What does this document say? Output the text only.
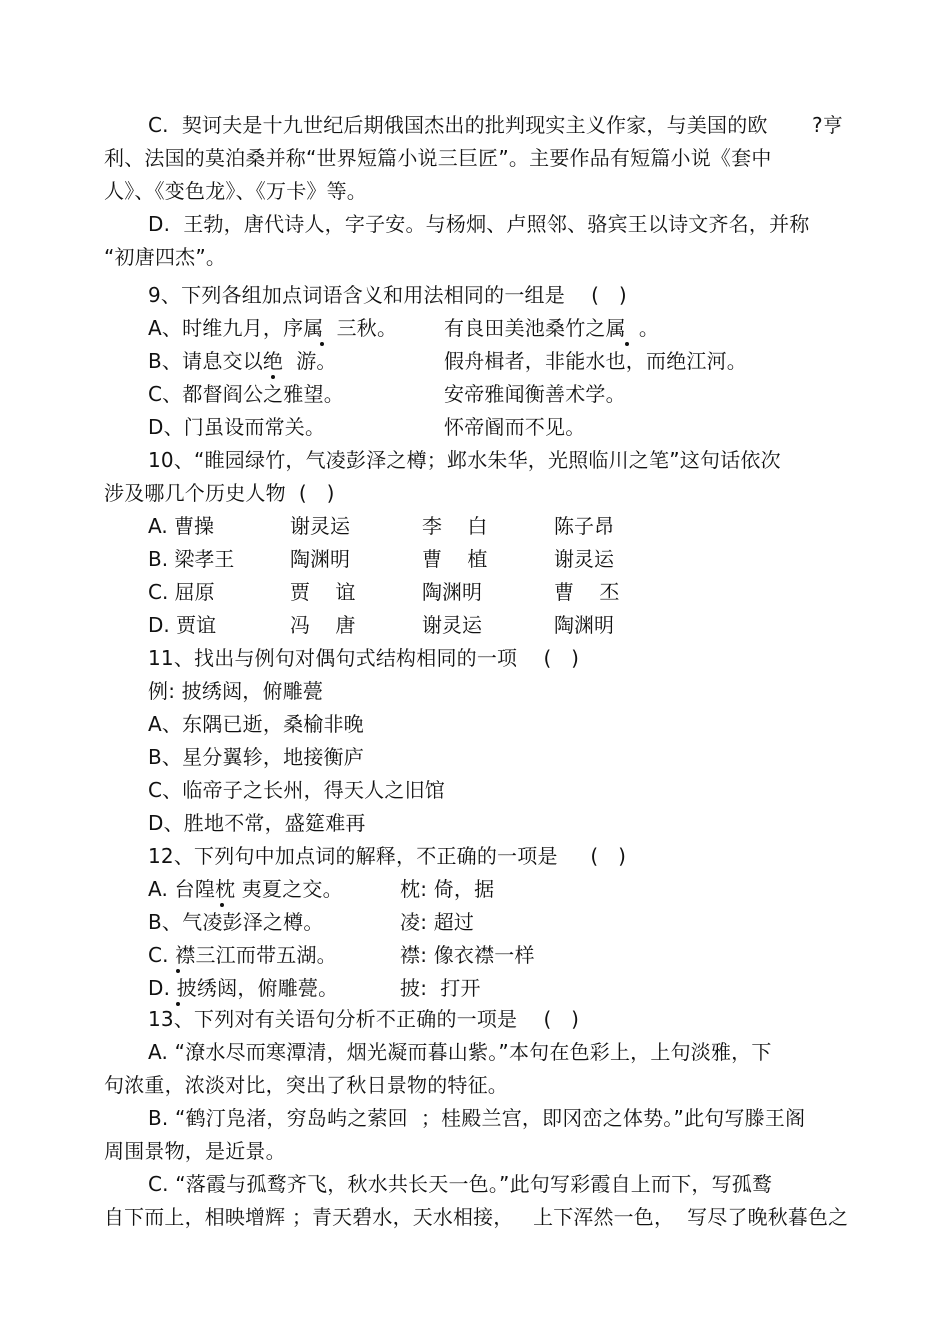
C.  契诃夫是十九世纪后期俄国杰出的批判现实主义作家，与美国的欧 ?亨
利、法国的莫泊桑并称“世界短篇小说三巨匠”。主要作品有短篇小说《套中
人》、《变色龙》、《万卡》等。
D.  王勃，唐代诗人，字子安。与杨炯、卢照邻、骆宾王以诗文齐名，并称
“初唐四杰”。
9、下列各组加点词语含义和用法相同的一组是    (   )
A、时维九月，序属  三秋。 有良田美池桑竹之属  。
B、请息交以绝  游。	假舟楫者，非能水也，而绝江河。
C、都督阎公之雅望。	安帝雅闻衡善术学。
D、门虽设而常关。	怀帝阍而不见。
10、“睢园绿竹，气凌彭泽之樽；邺水朱华，光照临川之笔”这句话依次
涉及哪几个历史人物  (   )
A. 曹操	谢灵运	李    白	陈子昂
B. 梁孝王	陶渊明	曹    植	谢灵运
C. 屈原	贾    谊	陶渊明	曹    丕
D. 贾谊	冯    唐	谢灵运	陶渊明
11、找出与例句对偶句式结构相同的一项    (   )
例: 披绣闼，俯雕甍
A、东隅已逝，桑榆非晚
B、星分翼轸，地接衡庐
C、临帝子之长州，得天人之旧馆
D、胜地不常，盛筵难再
12、下列句中加点词的解释，不正确的一项是     (   )
A. 台隍枕 夷夏之交。	枕: 倚，据
B、气凌彭泽之樽。	凌: 超过
C. 襟三江而带五湖。	襟: 像衣襟一样
D. 披绣闼，俯雕甍。	披:  打开
13、下列对有关语句分析不正确的一项是    (   )
A. “潦水尽而寒潭清，烟光凝而暮山紫。”本句在色彩上，上句淡雅，下
句浓重，浓淡对比，突出了秋日景物的特征。
B. “鹤汀凫渚，穷岛屿之萦回  ；桂殿兰宫，即冈峦之体势。”此句写滕王阁
周围景物，是近景。
C. “落霞与孤鹜齐飞，秋水共长天一色。”此句写彩霞自上而下，写孤鹜
自下而上，相映增辉 ；青天碧水，天水相接，   上下浑然一色，  写尽了晚秋暮色之
